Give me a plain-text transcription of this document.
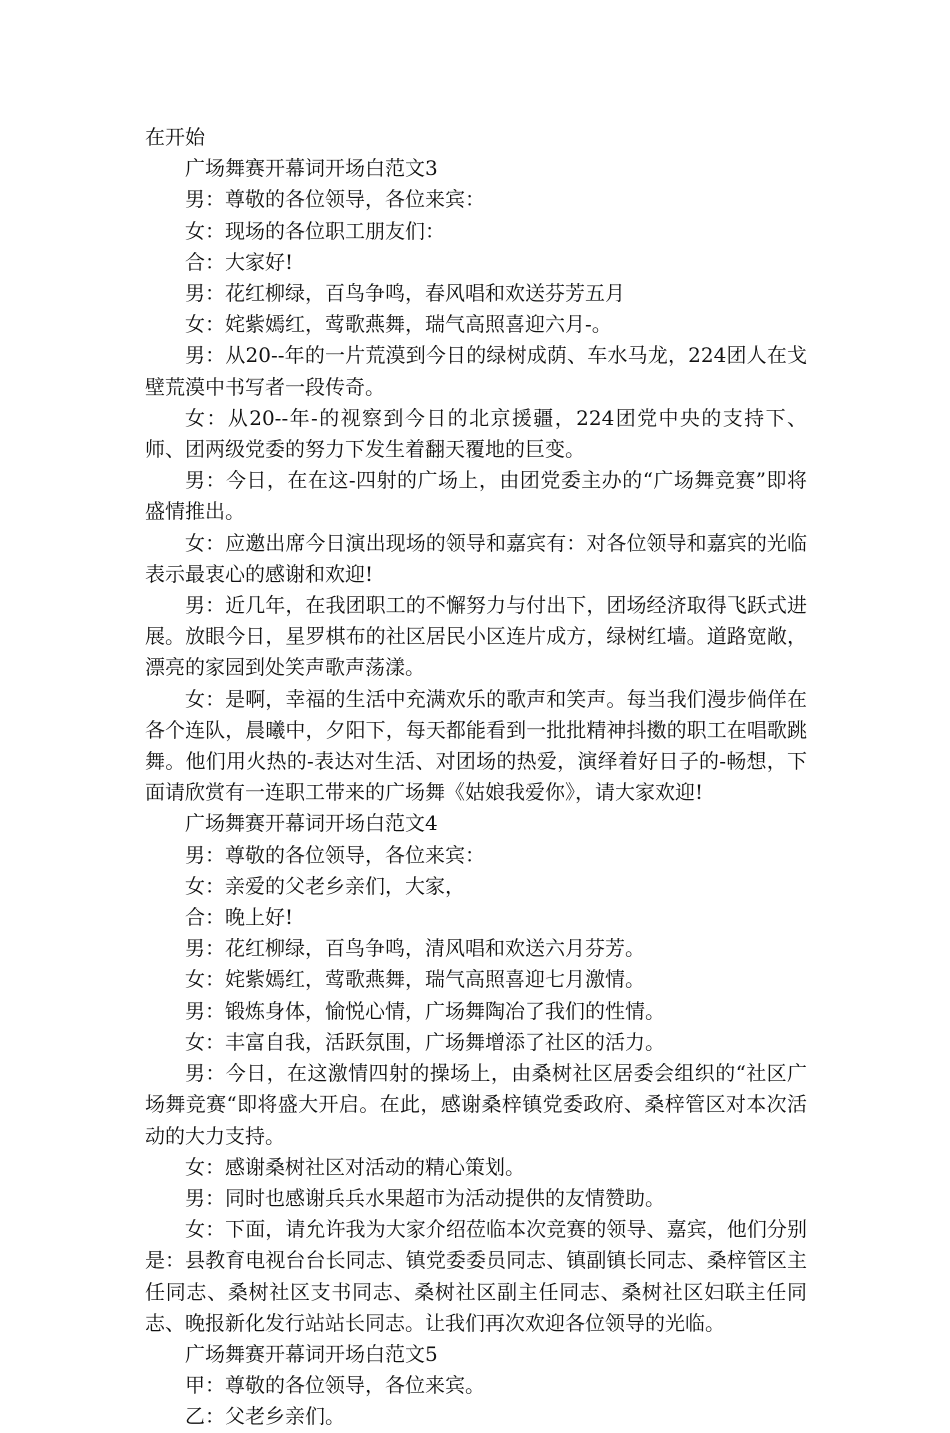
在开始

广场舞赛开幕词开场白范文3

男：尊敬的各位领导，各位来宾：

女：现场的各位职工朋友们：

合：大家好!

男：花红柳绿，百鸟争鸣，春风唱和欢送芬芳五月

女：姹紫嫣红，莺歌燕舞，瑞气高照喜迎六月-。

男：从20--年的一片荒漠到今日的绿树成荫、车水马龙，224团人在戈壁荒漠中书写者一段传奇。

女：从20--年-的视察到今日的北京援疆，224团党中央的支持下、师、团两级党委的努力下发生着翻天覆地的巨变。

男：今日，在在这-四射的广场上，由团党委主办的“广场舞竞赛”即将盛情推出。

女：应邀出席今日演出现场的领导和嘉宾有：对各位领导和嘉宾的光临表示最衷心的感谢和欢迎!

男：近几年，在我团职工的不懈努力与付出下，团场经济取得飞跃式进展。放眼今日，星罗棋布的社区居民小区连片成方，绿树红墙。道路宽敞，漂亮的家园到处笑声歌声荡漾。

女：是啊，幸福的生活中充满欢乐的歌声和笑声。每当我们漫步倘佯在各个连队，晨曦中，夕阳下，每天都能看到一批批精神抖擞的职工在唱歌跳舞。他们用火热的-表达对生活、对团场的热爱，演绎着好日子的-畅想，下面请欣赏有一连职工带来的广场舞《姑娘我爱你》，请大家欢迎!

广场舞赛开幕词开场白范文4

男：尊敬的各位领导，各位来宾：

女：亲爱的父老乡亲们，大家，

合：晚上好!

男：花红柳绿，百鸟争鸣，清风唱和欢送六月芬芳。

女：姹紫嫣红，莺歌燕舞，瑞气高照喜迎七月激情。

男：锻炼身体，愉悦心情，广场舞陶冶了我们的性情。

女：丰富自我，活跃氛围，广场舞增添了社区的活力。

男：今日，在这激情四射的操场上，由桑树社区居委会组织的“社区广场舞竞赛“即将盛大开启。在此，感谢桑梓镇党委政府、桑梓管区对本次活动的大力支持。

女：感谢桑树社区对活动的精心策划。

男：同时也感谢兵兵水果超市为活动提供的友情赞助。

女：下面，请允许我为大家介绍莅临本次竞赛的领导、嘉宾，他们分别是：县教育电视台台长同志、镇党委委员同志、镇副镇长同志、桑梓管区主任同志、桑树社区支书同志、桑树社区副主任同志、桑树社区妇联主任同志、晚报新化发行站站长同志。让我们再次欢迎各位领导的光临。

广场舞赛开幕词开场白范文5

甲：尊敬的各位领导，各位来宾。

乙：父老乡亲们。
